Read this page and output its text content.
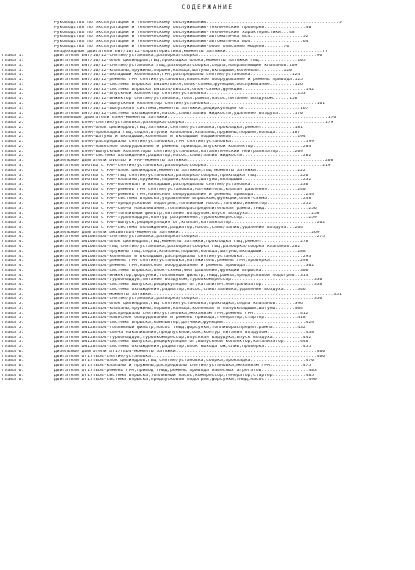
СОДЕРЖАНИЕ
Руководство по эксплуатации и техническому обслуживанию................................................5
Руководство по эксплуатации и техническому обслуживанию-технические проверки...............40
Руководство по эксплуатации и техническому обслуживанию-технические характеристики...48
Руководство по эксплуатации и техническому обслуживанию-автоматичка BC4...................52
Руководство по эксплуатации и техническому обслуживанию-автоматичка BD4...................64
Руководство по эксплуатации и техническому обслуживанию-обое описание модели.......70
Вездеходные двигатели EW7/10/12-характеристика,моменты затяжки...................................77
Глава 1.	Двигатели EW7/10/12-снятие/установка,разборка/сборка...........................................96
Глава 1.	Двигатели EW7/10/12-блок цилиндров,ГБЦ,прокладка блока,моменты затяжки ГБЦ..............105
Глава 1.	Двигатели EW7/10/12-снятие/установка ГБЦ,разборка/сборка,седла,направляющие клапанов.109
Глава 1.	Двигатели EW7/10/12-клапаны,пружины,поршни,кольца,шатуны,вкладыши,коленвал.........120
Глава 1.	Двигатели EW7/10/12-вкладыши коленвала,ГРМ,распредвалы снятие/установка...............124
Глава 1.	Двигатели EW7/10/12-ремень ГРМ снятие/установка,навесное оборудование и ремень привода.125
Глава 1.	Двигатели EW7/10/12-система впрыска EW10A/EW7A,блок-схема,функции,обслуживание.........126
Глава 1.	Двигатели EW7/10/12-система впрыска EW10J4/EW12J4,блок-схема,функции.......................142
Глава 1.	Двигатели EW7/10/12-впускной коллектор снятие/установка.................................153
Глава 1.	Двигатели EW7/10/12-инжектор снятие/установка,топл.рампа,насос,питание воздухом......156
Глава 1.	Двигатели EW7/10/12-выпускной коллектор снятие/установка.......................................161
Глава 1.	Двигатели EW7/10/12-выпускная система,моменты затяжки,рециркуляция ОГ....................167
Глава 1.	Двигатели EW7/10/12-система охлаждения,насос,слив/залив жидкости,удаление воздуха......170
Глава 2.	Бензиновые двигатели ES9A-моменты затяжки..........................................................176
Глава 2.	Двигатели ES9A-снятие/установка,разборка/сборка...................................................179
Глава 2.	Двигатели ES9A-блок цилиндров,ГБЦ,затяжка,снятие/установка,прокладка,ремонт............181
Глава 2.	Двигатели ES9A-прокладка ГБЦ,седла,втулки клапанов,клапаны,пружины,поршни,кольца......187
Глава 2.	Двигатели ES9A-шатуны и вкладыши,коленвал и вкладыши подшипников........................194
Глава 2.	Двигатели ES9A-распредвалы снятие/установка,ГРМ снятие/установка...........................199
Глава 2.	Двигатели ES9A-навесное оборудование и ремень привода,впускной коллектор..................204
Глава 2.	Двигатели ES9A-выпускные коллекторы снятие/установка,каталитический нейтрализатор......209
Глава 2.	Двигатели ES9A-система охлаждения,радиатор,насос,слив/залив жидкости......................202
Глава 3.	Дизельные двигатели DV6TED и FAP-моменты затяжки..................................................208
Глава 3.	Двигатели DV6TED с FAP-снятие/установка,разборка/сборка..........................................219
Глава 3.	Двигатели DV6TED с FAP-блок цилиндров,моменты затяжки,ГБЦ моменты затяжки...............222
Глава 3.	Двигатели DV6TED с FAP-ГБЦ снятие/установка,разборка/сборка,прокладка ГБЦ................226
Глава 3.	Двигатели DV6TED с FAP-клапаны,пружины,поршни,кольца,шатуны,вкладыши......................232
Глава 3.	Двигатели DV6TED с FAP-коленвал и вкладыши,распредвалы снятие/установка..................236
Глава 3.	Двигатели DV6TED с FAP-ремень ГРМ снятие/установка,натяжитель,клапан давления...........240
Глава 3.	Двигатели DV6TED с FAP-ремень ГРМ,навесное оборудование и ремень привода...................244
Глава 3.	Двигатели DV6TED с FAP-система впрыска,управление впрыском,функции,блок-схема.............248
Глава 3.	Двигатели DV6TED с FAP-предпусковой подогрев,топливный насос,топливо,инжектор.............252
Глава 3.	Двигатели DV6TED с FAP-свеча накаливания,топливораспределительная рампа,ТНВД................256
Глава 3.	Двигатели DV6TED с FAP-топливный фильтр,питание воздухом,впуск воздуха.......................258
Глава 3.	Двигатели DV6TED с FAP-турбонаддув,контур разрежения,турбокомпрессор........................259
Глава 3.	Двигатели DV6TED с FAP-выпуск,рециркуляция ОГ,клапан,катализатор...............................262
Глава 3.	Двигатели DV6TED с FAP-система охлаждения,радиатор,насос,слив/залив,удаление воздуха...264
Глава 4.	Дизельные двигатели DW10BTED4-моменты затяжки................................................269
Глава 4.	Двигатели DW10BTED4-снятие/установка,разборка/сборка...........................................275
Глава 4.	Двигатели DW10BTED4-блок цилиндров,ГБЦ,моменты затяжки,прокладка ГБЦ,ремонт..............278
Глава 4.	Двигатели DW10BTED4-ГБЦ снятие/установка,разборка/сборка ГБЦ,разборка/сборка клапанов.282
Глава 4.	Двигатели DW10BTED4-пружины ГБЦ,седла,клапаны,поршни,кольца,шатуны,вкладыши.............288
Глава 4.	Двигатели DW10BTED4-коленвал и вкладыши,распредвалы снятие/установка......................293
Глава 4.	Двигатели DW10BTED4-ремень ГРМ снятие/установка,натяжитель,ремень ГРМ,проверка...........298
Глава 4.	Двигатели DW10BTED4-ремень ГРМ,навесное оборудование и ремень привода......................302
Глава 4.	Двигатели DW10BTED4-система впрыска,блок-схема,ФАП давление,функции впрыска..............306
Глава 4.	Двигатели DW10BTED4-инжектор,форсунки,топливный фильтр,ТНВД,рампа,предпусковой подогрев..314
Глава 4.	Двигатели DW10BTED4-турбонаддув,питание воздухом,турбокомпрессор..............................330
Глава 4.	Двигатели DW10BTED4-система выпуска,рециркуляция ОГ,каталитич.нейтрализатор...................338
Глава 4.	Двигатели DW10BTED4-система охлаждения,радиатор,насос,слив/заливка,удаление воздуха.....346
Глава 5.	Двигатели DW12BTED4-моменты затяжки..................................................................351
Глава 5.	Двигатели DW12BTED4-снятие/установка,разборка/сборка..........................................356
Глава 5.	Двигатели DW12BTED4-блок цилиндров,ГБЦ снятие/установка,прокладка,седла клапанов.......396
Глава 5.	Двигатели DW12BTED4-клапаны,пружины,поршни,кольца,коленвал и полувкладыши,шатуны.......404
Глава 5.	Двигатели DW12BTED4-распредвалы снятие/установка,механизм ГРМ,ремень ГРМ.................412
Глава 5.	Двигатели DW12BTED4-навесное оборудование и ремень привода,генератор,стартер............418
Глава 5.	Двигатели DW12BTED4-система впрыска,компьютер,датчики,функции..............................424
Глава 5.	Двигатели DW12BTED4-топливный фильтр,насос ТНВД,форсунки,топливораспредел.рампа.........432
Глава 5.	Двигатели DW12BTED4-свеча накаливания,предпускной,бак,контур питания воздухом..............438
Глава 5.	Двигатели DW12BTED4-турбонаддув,турбокомпрессор,впускная вадудука,впуск воздуха...........442
Глава 5.	Двигатели DW12BTED4-система выпуска,рециркуляция ОГ,выпускной коллектор,катализатор......446
Глава 5.	Двигатели DW12BTED4-система охлаждения,радиатор,блок выхода ОЖ,слив,проверка..............455
Глава 6.	Дизельные двигатели DT17TED4-моменты затяжки...................................................460
Глава 6.	Двигатели DT17TED4-снятие/установка............................................................466
Глава 6.	Двигатели DT17TED4-блок цилиндров,ГБЦ снятие/установка,сборка,прокладка....................470
Глава 6.	Двигатели DT17TED4-клапаны и пружины,распредвалы снятие/установка,механизм ГРМ............475
Глава 6.	Двигатели DT17TED4-ремень ГРМ,привод ТНВД,ремень привода навесных агрегатов.................483
Глава 6.	Двигатели DT17TED4-система впрыска,топливный насос,компрессор,генератор,стартер............485
Глава 6.	Двигатели DT17TED4-система впрыска,предпусковой подогрев,форсунки,ТНВД,насос................490
